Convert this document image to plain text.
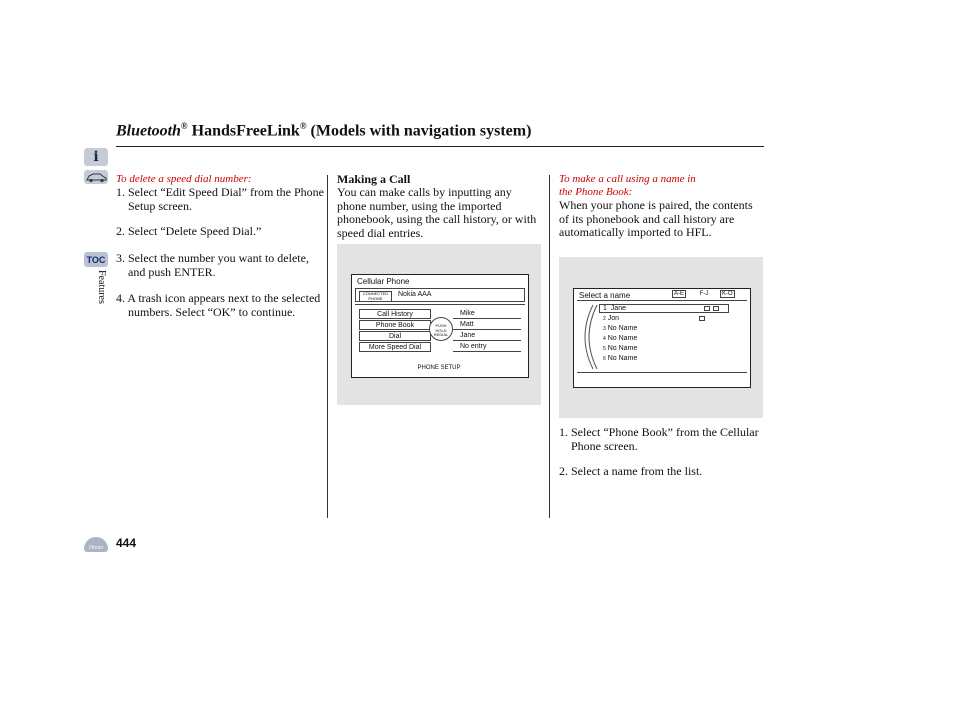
Bluetooth® HandsFreeLink® (Models with navigation system)
i
TOC
Features
Home	444
To delete a speed dial number:
1. Select “Edit Speed Dial” from the Phone Setup screen.
2. Select “Delete Speed Dial.”
3. Select the number you want to delete, and push ENTER.
4. A trash icon appears next to the selected numbers. Select “OK” to continue.
Making a Call
You can make calls by inputting any phone number, using the imported phonebook, using the call history, or with speed dial entries.
Cellular Phone
CONNECTED PHONE	Nokia AAA
Call History
Phone Book
Dial
More Speed Dial
PUSH HOLD REDIAL
Mike
Matt
Jane
No entry
PHONE SETUP
To make a call using a name in the Phone Book:
When your phone is paired, the contents of its phonebook and call history are automatically imported to HFL.
Select a name	A-E	F-J K-O
1 Jane
2 Jon
3 No Name
4 No Name
5 No Name
6 No Name
1. Select “Phone Book” from the Cellular Phone screen.
2. Select a name from the list.
